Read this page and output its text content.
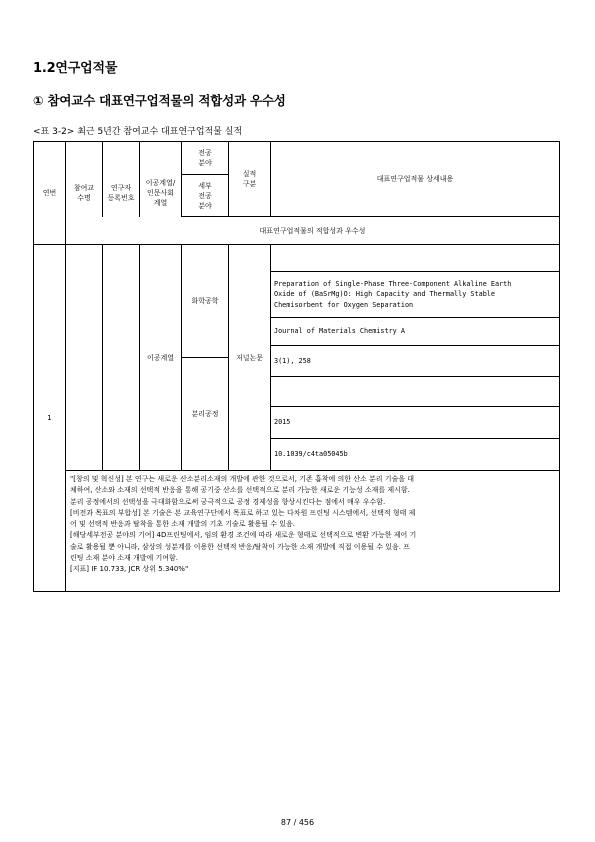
1.2연구업적물
① 참여교수 대표연구업적물의 적합성과 우수성
<표 3-2> 최근 5년간 참여교수 대표연구업적물 실적
연번
참여교
수명
연구자
등록번호
이공계열/
인문사회
계열
전공
분야
세부
전공
분야
실적
구분
대표연구업적물 상세내용
대표연구업적물의 적합성과 우수성
1
이공계열
화학공학
분리공정
저널논문
Preparation of Single-Phase Three-Component Alkaline Earth
Oxide of (BaSrMg)O: High Capacity and Thermally Stable
Chemisorbent for Oxygen Separation
Journal of Materials Chemistry A
3(1), 258
2015
10.1039/c4ta05045b
"[창의 및 혁신성] 본 연구는 새로운 산소분리소재의 개발에 관한 것으로서, 기존 흡착에 의한 산소 분리 기술을 대
체하여, 산소와 소재의 선택적 반응을 통해 공기중 산소를 선택적으로 분리 가능한 새로운 기능성 소재를 제시함.
분리 공정에서의 선택성을 극대화함으로써 궁극적으로 공정 경제성을 향상시킨다는 점에서 매우 우수함.
[비전과 목표의 부합성] 본 기술은 본 교육연구단에서 목표로 하고 있는 다차원 프린팅 시스템에서, 선택적 형태 제
어 및 선택적 반응과 탈착을 통한 소재 개발의 기초 기술로 활용될 수 있음.
[해당세부전공 분야의 기여] 4D프린팅에서, 임의 환경 조건에 따라 새로운 형태로 선택적으로 변환 가능한 제어 기
술로 활용될 뿐 아니라, 삼상의 성분계를 이용한 선택적 반응/탈착이 가능한 소재 개발에 직접 이용될 수 있음. 프
린팅 소재 분야 소재 개발에 기여함.
[지표] IF 10.733, JCR 상위 5.340%"
87 / 456
